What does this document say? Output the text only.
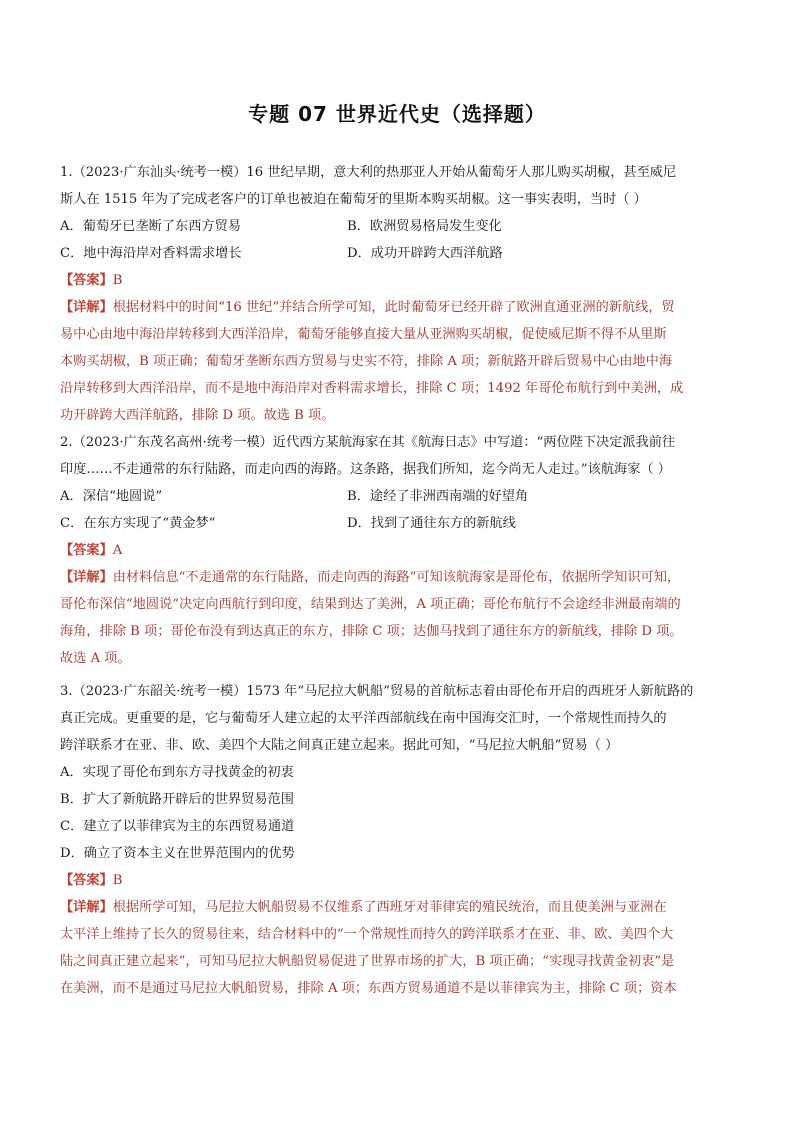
专题 07 世界近代史（选择题）
1.（2023·广东汕头·统考一模）16 世纪早期，意大利的热那亚人开始从葡萄牙人那儿购买胡椒，甚至威尼
斯人在 1515 年为了完成老客户的订单也被迫在葡萄牙的里斯本购买胡椒。这一事实表明，当时（ ）
A．葡萄牙已垄断了东西方贸易	B．欧洲贸易格局发生变化
C．地中海沿岸对香料需求增长	D．成功开辟跨大西洋航路
【答案】B
【详解】根据材料中的时间“16 世纪”并结合所学可知，此时葡萄牙已经开辟了欧洲直通亚洲的新航线，贸
易中心由地中海沿岸转移到大西洋沿岸，葡萄牙能够直接大量从亚洲购买胡椒，促使威尼斯不得不从里斯
本购买胡椒，B 项正确；葡萄牙垄断东西方贸易与史实不符，排除 A 项；新航路开辟后贸易中心由地中海
沿岸转移到大西洋沿岸，而不是地中海沿岸对香料需求增长，排除 C 项；1492 年哥伦布航行到中美洲，成
功开辟跨大西洋航路，排除 D 项。故选 B 项。
2.（2023·广东茂名高州·统考一模）近代西方某航海家在其《航海日志》中写道：“两位陛下决定派我前往
印度……不走通常的东行陆路，而走向西的海路。这条路，据我们所知，迄今尚无人走过。”该航海家（ ）
A．深信“地圆说”	B．途经了非洲西南端的好望角
C．在东方实现了“黄金梦”	D．找到了通往东方的新航线
【答案】A
【详解】由材料信息“不走通常的东行陆路，而走向西的海路”可知该航海家是哥伦布，依据所学知识可知，
哥伦布深信“地圆说”决定向西航行到印度，结果到达了美洲，A 项正确；哥伦布航行不会途经非洲最南端的
海角，排除 B 项；哥伦布没有到达真正的东方，排除 C 项；达伽马找到了通往东方的新航线，排除 D 项。
故选 A 项。
3.（2023·广东韶关·统考一模）1573 年“马尼拉大帆船”贸易的首航标志着由哥伦布开启的西班牙人新航路的
真正完成。更重要的是，它与葡萄牙人建立起的太平洋西部航线在南中国海交汇时，一个常规性而持久的
跨洋联系才在亚、非、欧、美四个大陆之间真正建立起来。据此可知，“马尼拉大帆船”贸易（ ）
A．实现了哥伦布到东方寻找黄金的初衷
B．扩大了新航路开辟后的世界贸易范围
C．建立了以菲律宾为主的东西贸易通道
D．确立了资本主义在世界范围内的优势
【答案】B
【详解】根据所学可知，马尼拉大帆船贸易不仅维系了西班牙对菲律宾的殖民统治，而且使美洲与亚洲在
太平洋上维持了长久的贸易往来，结合材料中的“一个常规性而持久的跨洋联系才在亚、非、欧、美四个大
陆之间真正建立起来”，可知马尼拉大帆船贸易促进了世界市场的扩大，B 项正确；“实现寻找黄金初衷”是
在美洲，而不是通过马尼拉大帆船贸易，排除 A 项；东西方贸易通道不是以菲律宾为主，排除 C 项；资本
